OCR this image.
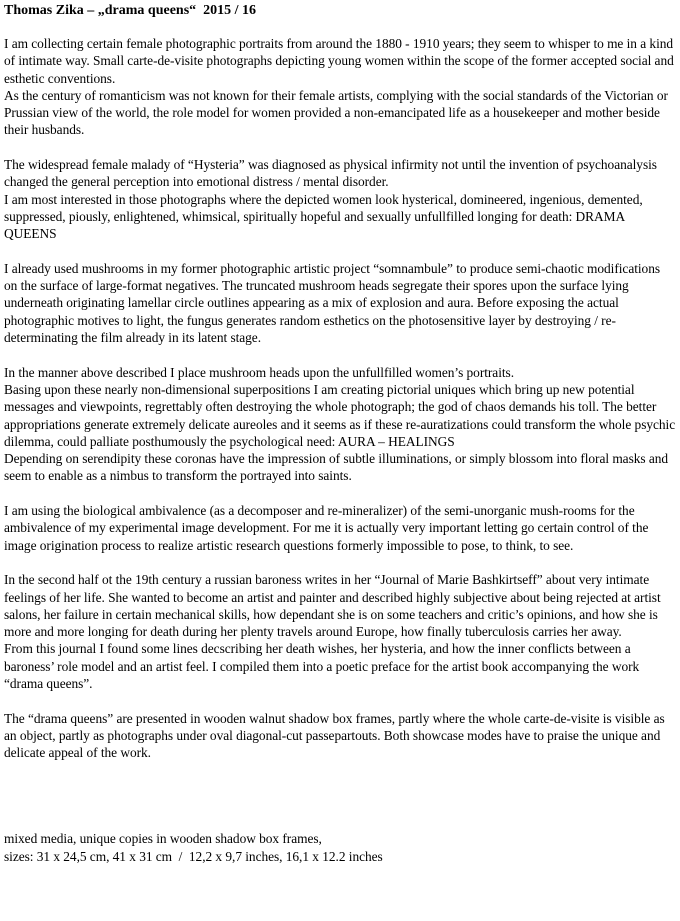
Thomas Zika – „drama queens“  2015 / 16

I am collecting certain female photographic portraits from around the 1880 - 1910 years; they seem to whisper to me in a kind of intimate way. Small carte-de-visite photographs depicting young women within the scope of the former accepted social and esthetic conventions.

As the century of romanticism was not known for their female artists, complying with the social standards of the Victorian or Prussian view of the world, the role model for women provided a non-emancipated life as a housekeeper and mother beside their husbands.

The widespread female malady of “Hysteria” was diagnosed as physical infirmity not until the invention of psychoanalysis changed the general perception into emotional distress / mental disorder.

I am most interested in those photographs where the depicted women look hysterical, domineered, ingenious, demented, suppressed, piously, enlightened, whimsical, spiritually hopeful and sexually unfullfilled longing for death: DRAMA QUEENS

I already used mushrooms in my former photographic artistic project “somnambule” to produce semi-chaotic modifications on the surface of large-format negatives. The truncated mushroom heads segregate their spores upon the surface lying underneath originating lamellar circle outlines appearing as a mix of explosion and aura. Before exposing the actual photographic motives to light, the fungus generates random esthetics on the photosensitive layer by destroying / re-determinating the film already in its latent stage.

In the manner above described I place mushroom heads upon the unfullfilled women’s portraits.

Basing upon these nearly non-dimensional superpositions I am creating pictorial uniques which bring up new potential messages and viewpoints, regrettably often destroying the whole photograph; the god of chaos demands his toll. The better appropriations generate extremely delicate aureoles and it seems as if these re-auratizations could transform the whole psychic dilemma, could palliate posthumously the psychological need: AURA – HEALINGS

Depending on serendipity these coronas have the impression of subtle illuminations, or simply blossom into floral masks and seem to enable as a nimbus to transform the portrayed into saints.

I am using the biological ambivalence (as a decomposer and re-mineralizer) of the semi-unorganic mush-rooms for the ambivalence of my experimental image development. For me it is actually very important letting go certain control of the image origination process to realize artistic research questions formerly impossible to pose, to think, to see.

In the second half ot the 19th century a russian baroness writes in her “Journal of Marie Bashkirtseff” about very intimate feelings of her life. She wanted to become an artist and painter and described highly subjective about being rejected at artist salons, her failure in certain mechanical skills, how dependant she is on some teachers and critic’s opinions, and how she is more and more longing for death during her plenty travels around Europe, how finally tuberculosis carries her away.

From this journal I found some lines decscribing her death wishes, her hysteria, and how the inner conflicts between a baroness’ role model and an artist feel. I compiled them into a poetic preface for the artist book accompanying the work “drama queens”.

The “drama queens” are presented in wooden walnut shadow box frames, partly where the whole carte-de-visite is visible as an object, partly as photographs under oval diagonal-cut passepartouts. Both showcase modes have to praise the unique and delicate appeal of the work.

mixed media, unique copies in wooden shadow box frames,

sizes: 31 x 24,5 cm, 41 x 31 cm  /  12,2 x 9,7 inches, 16,1 x 12.2 inches
